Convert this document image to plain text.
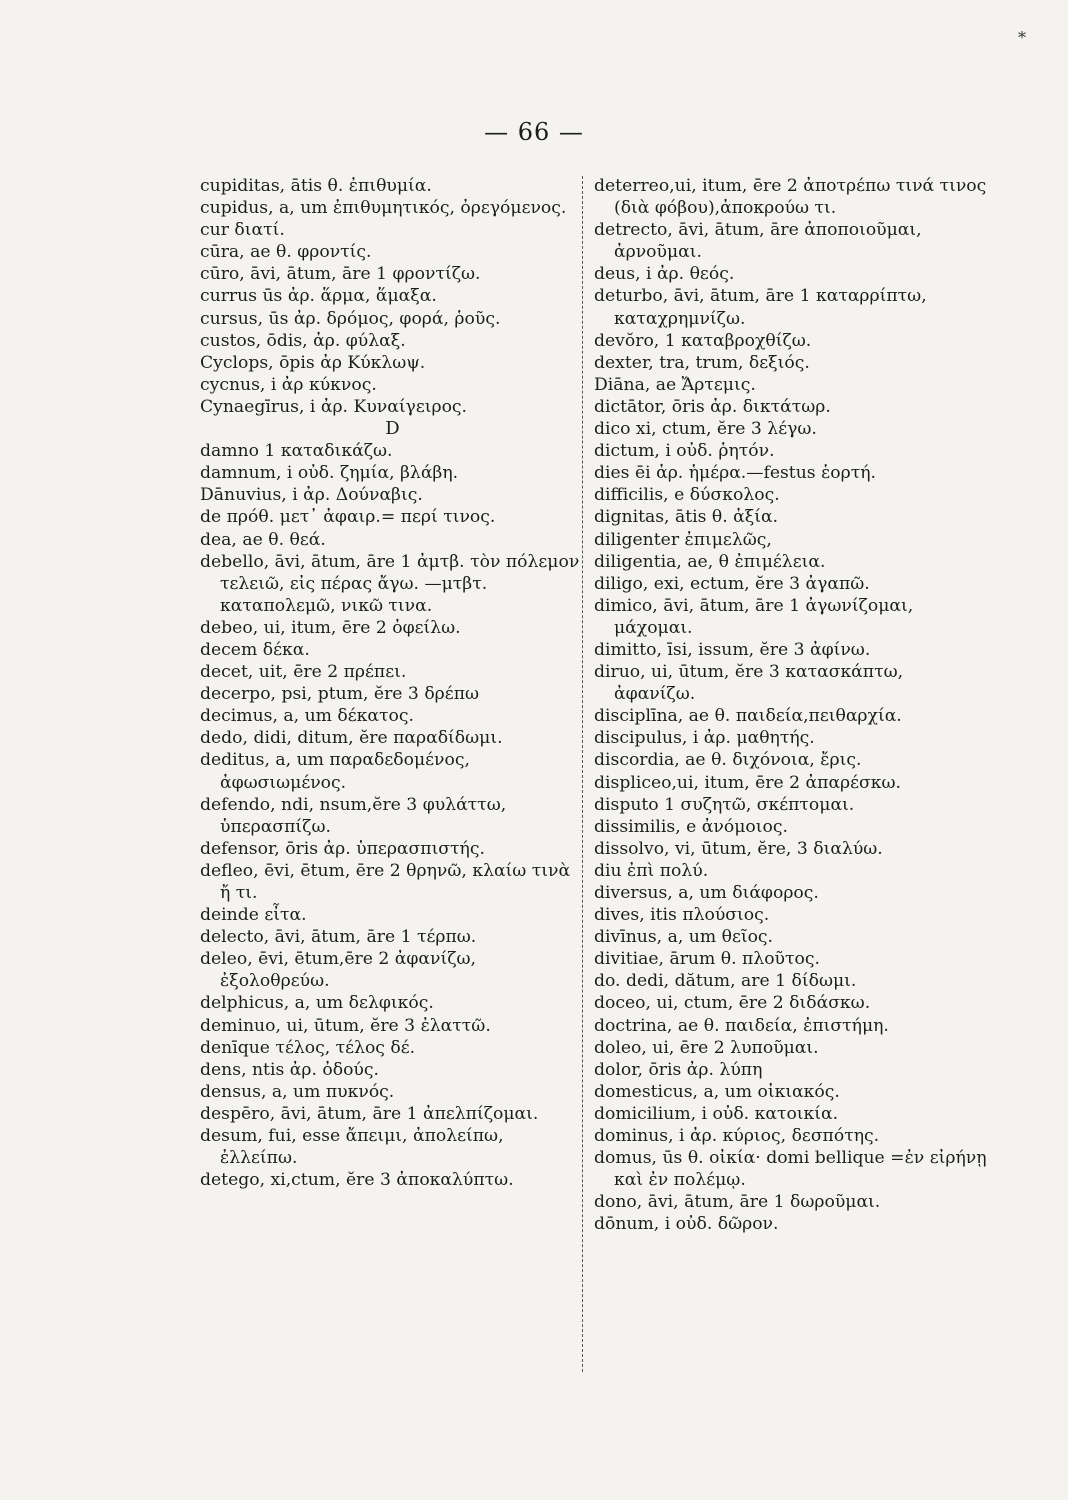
*
— 66 —
cupiditas, ātis θ. ἐπιθυμία.
cupidus, a, um ἐπιθυμητικός, ὀρεγόμενος.
cur διατί.
cūra, ae θ. φροντίς.
cūro, āvi, ātum, āre 1 φροντίζω.
currus ūs ἀρ. ἅρμα, ἅμαξα.
cursus, ūs ἀρ. δρόμος, φορά, ῥοῦς.
custos, ōdis, ἀρ. φύλαξ.
Cyclops, ōpis ἀρ Κύκλωψ.
cycnus, i ἀρ κύκνος.
Cynaegīrus, i ἀρ. Κυναίγειρος.
D
damno 1 καταδικάζω.
damnum, i οὐδ. ζημία, βλάβη.
Dānuvius, i ἀρ. Δούναβις.
de πρόθ. μετ᾽ ἀφαιρ.= περί τινος.
dea, ae θ. θεά.
debello, āvi, ātum, āre 1 ἀμτβ. τὸν πόλεμον τελειῶ, εἰς πέρας ἄγω. —μτβτ. καταπολεμῶ, νικῶ τινα.
debeo, ui, itum, ēre 2 ὀφείλω.
decem δέκα.
decet, uit, ēre 2 πρέπει.
decerpo, psi, ptum, ĕre 3 δρέπω
decimus, a, um δέκατος.
dedo, didi, ditum, ĕre παραδίδωμι.
deditus, a, um παραδεδομένος, ἀφωσιωμένος.
defendo, ndi, nsum,ĕre 3 φυλάττω, ὑπερασπίζω.
defensor, ōris ἀρ. ὑπερασπιστής.
defleo, ēvi, ētum, ēre 2 θρηνῶ, κλαίω τινὰ ἤ τι.
deinde εἶτα.
delecto, āvi, ātum, āre 1 τέρπω.
deleo, ēvi, ētum,ēre 2 ἀφανίζω, ἐξολοθρεύω.
delphicus, a, um δελφικός.
deminuo, ui, ūtum, ĕre 3 ἐλαττῶ.
denīque τέλος, τέλος δέ.
dens, ntis ἀρ. ὀδούς.
densus, a, um πυκνός.
despēro, āvi, ātum, āre 1 ἀπελπίζομαι.
desum, fui, esse ἄπειμι, ἀπολείπω, ἐλλείπω.
detego, xi,ctum, ĕre 3 ἀποκαλύπτω.
deterreo,ui, itum, ēre 2 ἀποτρέπω τινά τινος (διὰ φόβου),ἀποκρούω τι.
detrecto, āvi, ātum, āre ἀποποιοῦμαι, ἀρνοῦμαι.
deus, i ἀρ. θεός.
deturbo, āvi, ātum, āre 1 καταρρίπτω, καταχρημνίζω.
devŏro, 1 καταβροχθίζω.
dexter, tra, trum, δεξιός.
Diāna, ae Ἄρτεμις.
dictātor, ōris ἀρ. δικτάτωρ.
dico xi, ctum, ĕre 3 λέγω.
dictum, i οὐδ. ῥητόν.
dies ēi ἀρ. ἡμέρα.—festus ἑορτή.
difficilis, e δύσκολος.
dignitas, ātis θ. ἀξία.
diligenter ἐπιμελῶς,
diligentia, ae, θ ἐπιμέλεια.
diligo, exi, ectum, ĕre 3 ἀγαπῶ.
dimico, āvi, ātum, āre 1 ἀγωνίζομαι, μάχομαι.
dimitto, īsi, issum, ĕre 3 ἀφίνω.
diruo, ui, ūtum, ĕre 3 κατασκάπτω, ἀφανίζω.
disciplīna, ae θ. παιδεία,πειθαρχία.
discipulus, i ἀρ. μαθητής.
discordia, ae θ. διχόνοια, ἔρις.
displiceo,ui, itum, ēre 2 ἀπαρέσκω.
disputo 1 συζητῶ, σκέπτομαι.
dissimilis, e ἀνόμοιος.
dissolvo, vi, ūtum, ĕre, 3 διαλύω.
diu ἐπὶ πολύ.
diversus, a, um διάφορος.
dives, itis πλούσιος.
divīnus, a, um θεῖος.
divitiae, ārum θ. πλοῦτος.
do. dedi, dătum, are 1 δίδωμι.
doceo, ui, ctum, ēre 2 διδάσκω.
doctrina, ae θ. παιδεία, ἐπιστήμη.
doleo, ui, ēre 2 λυποῦμαι.
dolor, ōris ἀρ. λύπη
domesticus, a, um οἰκιακός.
domicilium, i οὐδ. κατοικία.
dominus, i ἀρ. κύριος, δεσπότης.
domus, ūs θ. οἰκία· domi bellique =ἐν εἰρήνῃ καὶ ἐν πολέμῳ.
dono, āvi, ātum, āre 1 δωροῦμαι.
dōnum, i οὐδ. δῶρον.
